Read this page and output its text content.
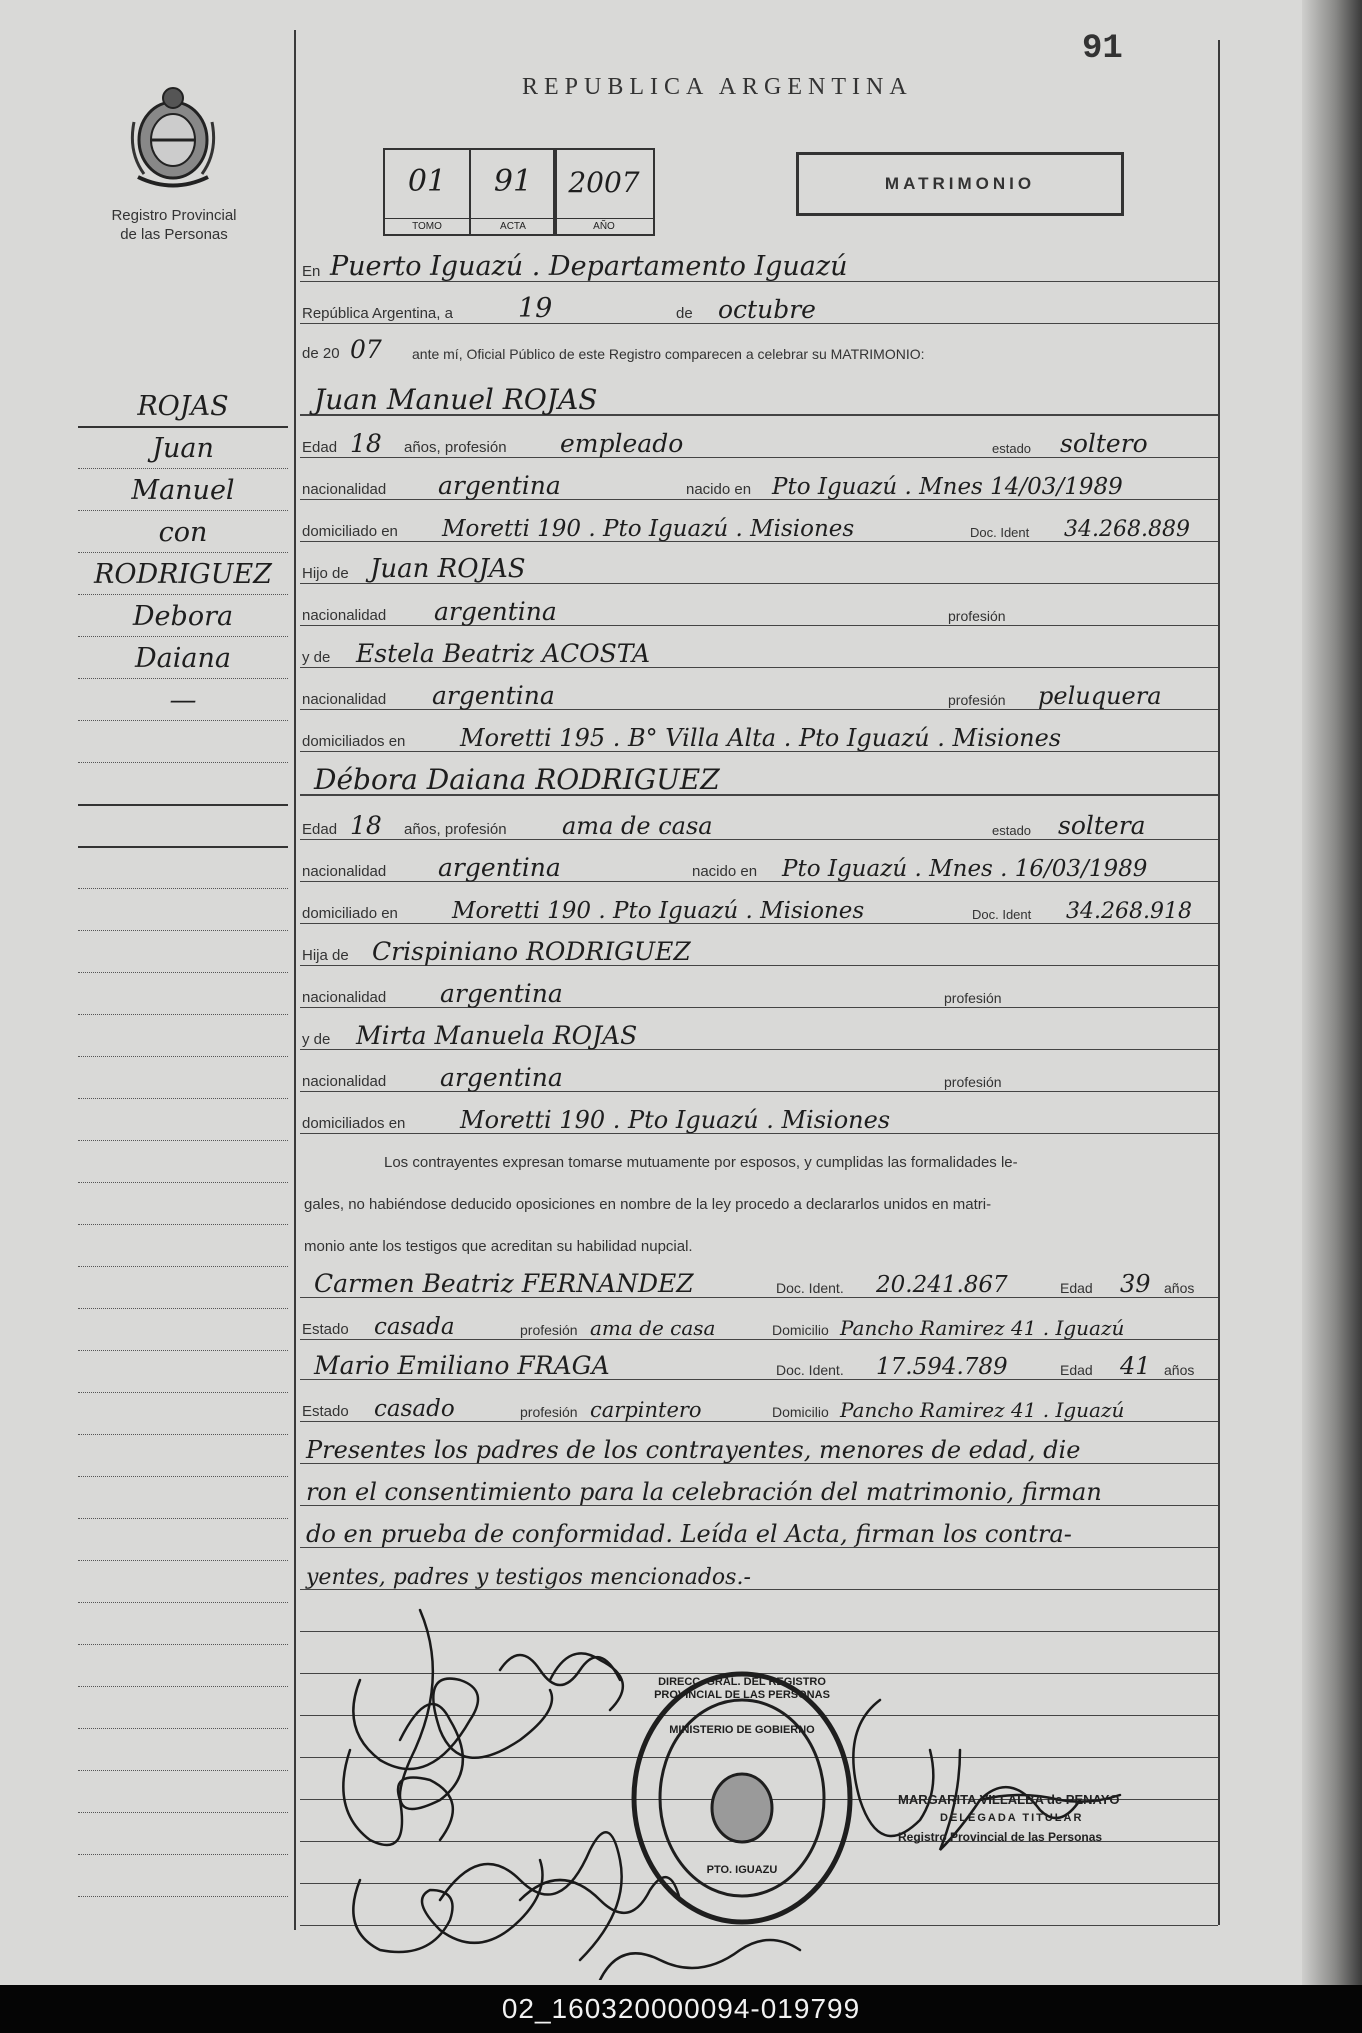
91
REPUBLICA ARGENTINA
Registro Provincial
de las Personas
01
TOMO
91
ACTA
2007
AÑO
MATRIMONIO
ROJAS
Juan
Manuel
con
RODRIGUEZ
Debora
Daiana
—
En Puerto Iguazú . Departamento Iguazú
República Argentina, a 19	de octubre
de 20 07 ante mí, Oficial Público de este Registro comparecen a celebrar su MATRIMONIO:
Juan Manuel ROJAS
Edad 18 años, profesión empleado	estado soltero
nacionalidad argentina	nacido en Pto Iguazú . Mnes 14/03/1989
domiciliado en Moretti 190 . Pto Iguazú . Misiones	Doc. Ident 34.268.889
Hijo de Juan ROJAS
nacionalidad argentina	profesión
y de Estela Beatriz ACOSTA
nacionalidad argentina	profesión peluquera
domiciliados en Moretti 195 . B° Villa Alta . Pto Iguazú . Misiones
Débora Daiana RODRIGUEZ
Edad 18 años, profesión ama de casa	estado soltera
nacionalidad argentina	nacido en Pto Iguazú . Mnes . 16/03/1989
domiciliado en Moretti 190 . Pto Iguazú . Misiones	Doc. Ident 34.268.918
Hija de Crispiniano RODRIGUEZ
nacionalidad argentina	profesión
y de Mirta Manuela ROJAS
nacionalidad argentina	profesión
domiciliados en Moretti 190 . Pto Iguazú . Misiones
Los contrayentes expresan tomarse mutuamente por esposos, y cumplidas las formalidades le-
gales, no habiéndose deducido oposiciones en nombre de la ley procedo a declararlos unidos en matri-
monio ante los testigos que acreditan su habilidad nupcial.
Carmen Beatriz FERNANDEZ	Doc. Ident. 20.241.867	Edad 39 años
Estado casada	profesión ama de casa	Domicilio Pancho Ramirez 41 . Iguazú
Mario Emiliano FRAGA	Doc. Ident. 17.594.789	Edad 41 años
Estado casado	profesión carpintero	Domicilio Pancho Ramirez 41 . Iguazú
Presentes los padres de los contrayentes, menores de edad, die
ron el consentimiento para la celebración del matrimonio, firman
do en prueba de conformidad. Leída el Acta, firman los contra-
yentes, padres y testigos mencionados.-
DIRECC. GRAL. DEL REGISTRO PROVINCIAL DE LAS PERSONAS
MINISTERIO DE GOBIERNO
PTO. IGUAZU
MARGARITA VILLALBA de PENAYO
DELEGADA TITULAR
Registro Provincial de las Personas
02_160320000094-019799
